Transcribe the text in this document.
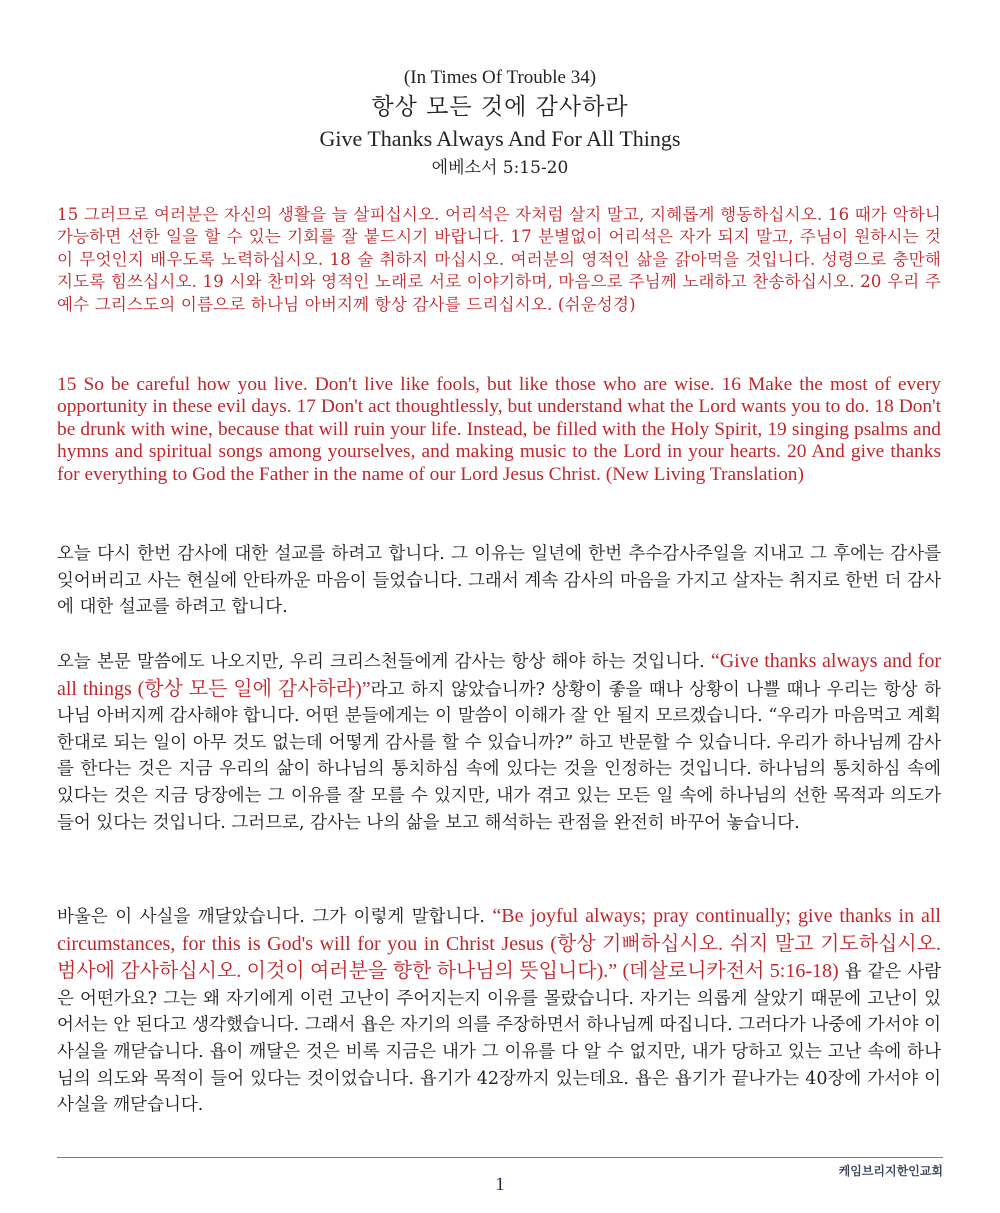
(In Times Of Trouble 34)
항상 모든 것에 감사하라
Give Thanks Always And For All Things
에베소서 5:15-20

15 그러므로 여러분은 자신의 생활을 늘 살피십시오. 어리석은 자처럼 살지 말고, 지혜롭게 행동하십시오. 16 때가 악하니 가능하면 선한 일을 할 수 있는 기회를 잘 붙드시기 바랍니다. 17 분별없이 어리석은 자가 되지 말고, 주님이 원하시는 것이 무엇인지 배우도록 노력하십시오. 18 술 취하지 마십시오. 여러분의 영적인 삶을 갉아먹을 것입니다. 성령으로 충만해지도록 힘쓰십시오. 19 시와 찬미와 영적인 노래로 서로 이야기하며, 마음으로 주님께 노래하고 찬송하십시오. 20 우리 주 예수 그리스도의 이름으로 하나님 아버지께 항상 감사를 드리십시오. (쉬운성경)

15 So be careful how you live. Don't live like fools, but like those who are wise. 16 Make the most of every opportunity in these evil days. 17 Don't act thoughtlessly, but understand what the Lord wants you to do. 18 Don't be drunk with wine, because that will ruin your life. Instead, be filled with the Holy Spirit, 19 singing psalms and hymns and spiritual songs among yourselves, and making music to the Lord in your hearts. 20 And give thanks for everything to God the Father in the name of our Lord Jesus Christ. (New Living Translation)

오늘 다시 한번 감사에 대한 설교를 하려고 합니다. 그 이유는 일년에 한번 추수감사주일을 지내고 그 후에는 감사를 잊어버리고 사는 현실에 안타까운 마음이 들었습니다. 그래서 계속 감사의 마음을 가지고 살자는 취지로 한번 더 감사에 대한 설교를 하려고 합니다.

오늘 본문 말씀에도 나오지만, 우리 크리스천들에게 감사는 항상 해야 하는 것입니다. “Give thanks always and for all things (항상 모든 일에 감사하라)”라고 하지 않았습니까? 상황이 좋을 때나 상황이 나쁠 때나 우리는 항상 하나님 아버지께 감사해야 합니다. 어떤 분들에게는 이 말씀이 이해가 잘 안 될지 모르겠습니다. “우리가 마음먹고 계획한대로 되는 일이 아무 것도 없는데 어떻게 감사를 할 수 있습니까?” 하고 반문할 수 있습니다. 우리가 하나님께 감사를 한다는 것은 지금 우리의 삶이 하나님의 통치하심 속에 있다는 것을 인정하는 것입니다. 하나님의 통치하심 속에 있다는 것은 지금 당장에는 그 이유를 잘 모를 수 있지만, 내가 겪고 있는 모든 일 속에 하나님의 선한 목적과 의도가 들어 있다는 것입니다. 그러므로, 감사는 나의 삶을 보고 해석하는 관점을 완전히 바꾸어 놓습니다.

바울은 이 사실을 깨달았습니다. 그가 이렇게 말합니다. “Be joyful always; pray continually; give thanks in all circumstances, for this is God's will for you in Christ Jesus (항상 기뻐하십시오. 쉬지 말고 기도하십시오. 범사에 감사하십시오. 이것이 여러분을 향한 하나님의 뜻입니다).” (데살로니카전서 5:16-18) 욥 같은 사람은 어떤가요? 그는 왜 자기에게 이런 고난이 주어지는지 이유를 몰랐습니다. 자기는 의롭게 살았기 때문에 고난이 있어서는 안 된다고 생각했습니다. 그래서 욥은 자기의 의를 주장하면서 하나님께 따집니다. 그러다가 나중에 가서야 이 사실을 깨닫습니다. 욥이 깨달은 것은 비록 지금은 내가 그 이유를 다 알 수 없지만, 내가 당하고 있는 고난 속에 하나님의 의도와 목적이 들어 있다는 것이었습니다. 욥기가 42장까지 있는데요. 욥은 욥기가 끝나가는 40장에 가서야 이 사실을 깨닫습니다.

케임브리지한인교회
1
